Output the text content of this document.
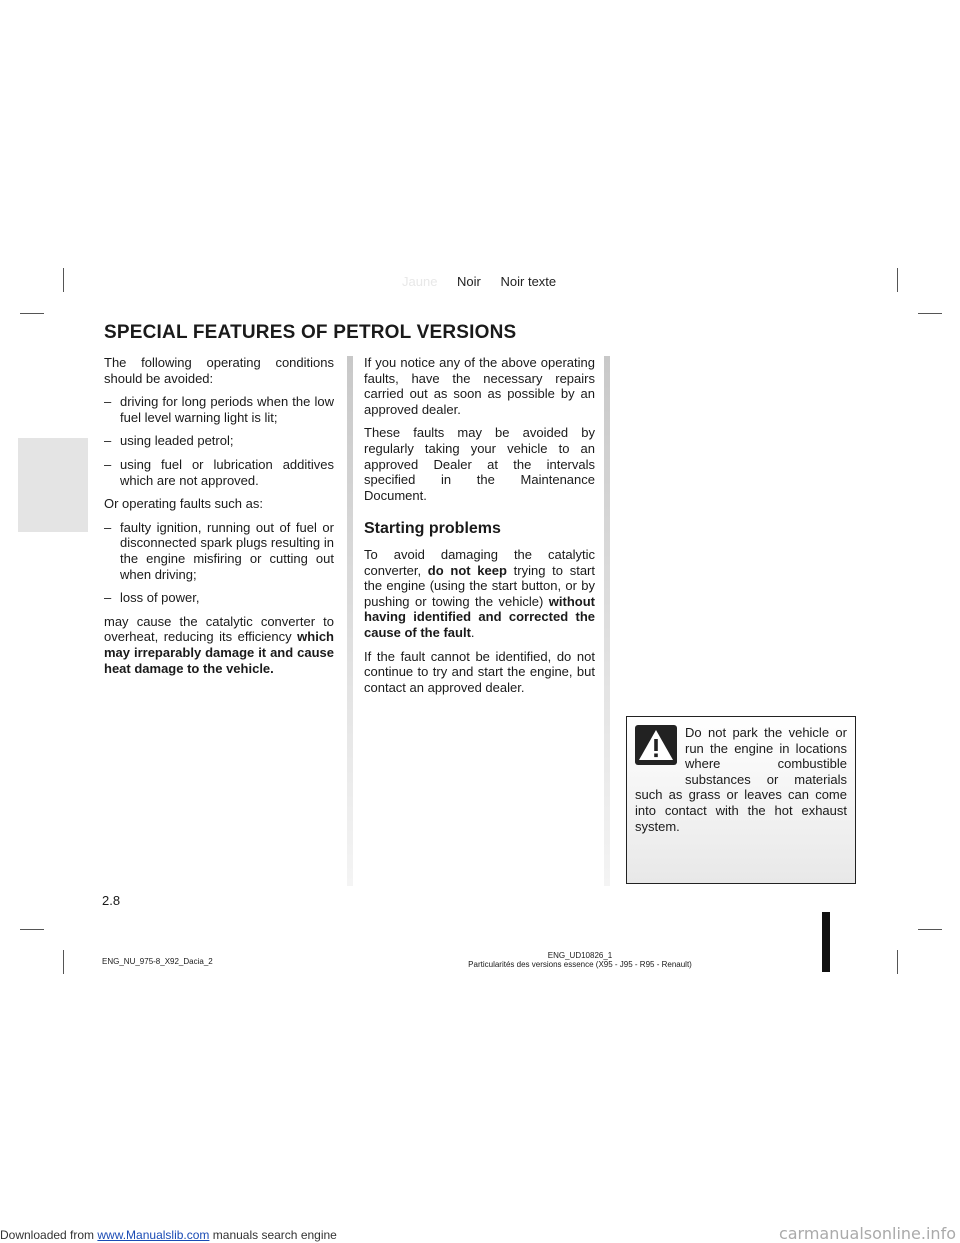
Jaune Noir Noir texte
SPECIAL FEATURES OF PETROL VERSIONS

The following operating conditions should be avoided:

– driving for long periods when the low fuel level warning light is lit;
– using leaded petrol;
– using fuel or lubrication additives which are not approved.

Or operating faults such as:

– faulty ignition, running out of fuel or disconnected spark plugs resulting in the engine misfiring or cutting out when driving;
– loss of power,

may cause the catalytic converter to overheat, reducing its efficiency which may irreparably damage it and cause heat damage to the vehicle.

If you notice any of the above operating faults, have the necessary repairs carried out as soon as possible by an approved dealer.

These faults may be avoided by regularly taking your vehicle to an approved Dealer at the intervals specified in the Maintenance Document.

Starting problems

To avoid damaging the catalytic converter, do not keep trying to start the engine (using the start button, or by pushing or towing the vehicle) without having identified and corrected the cause of the fault.

If the fault cannot be identified, do not continue to try and start the engine, but contact an approved dealer.

Do not park the vehicle or run the engine in locations where combustible substances or materials such as grass or leaves can come into contact with the hot exhaust system.
2.8
ENG_NU_975-8_X92_Dacia_2
ENG_UD10826_1
Particularités des versions essence (X95 - J95 - R95 - Renault)
Downloaded from www.Manualslib.com manuals search engine	carmanualsonline.info
